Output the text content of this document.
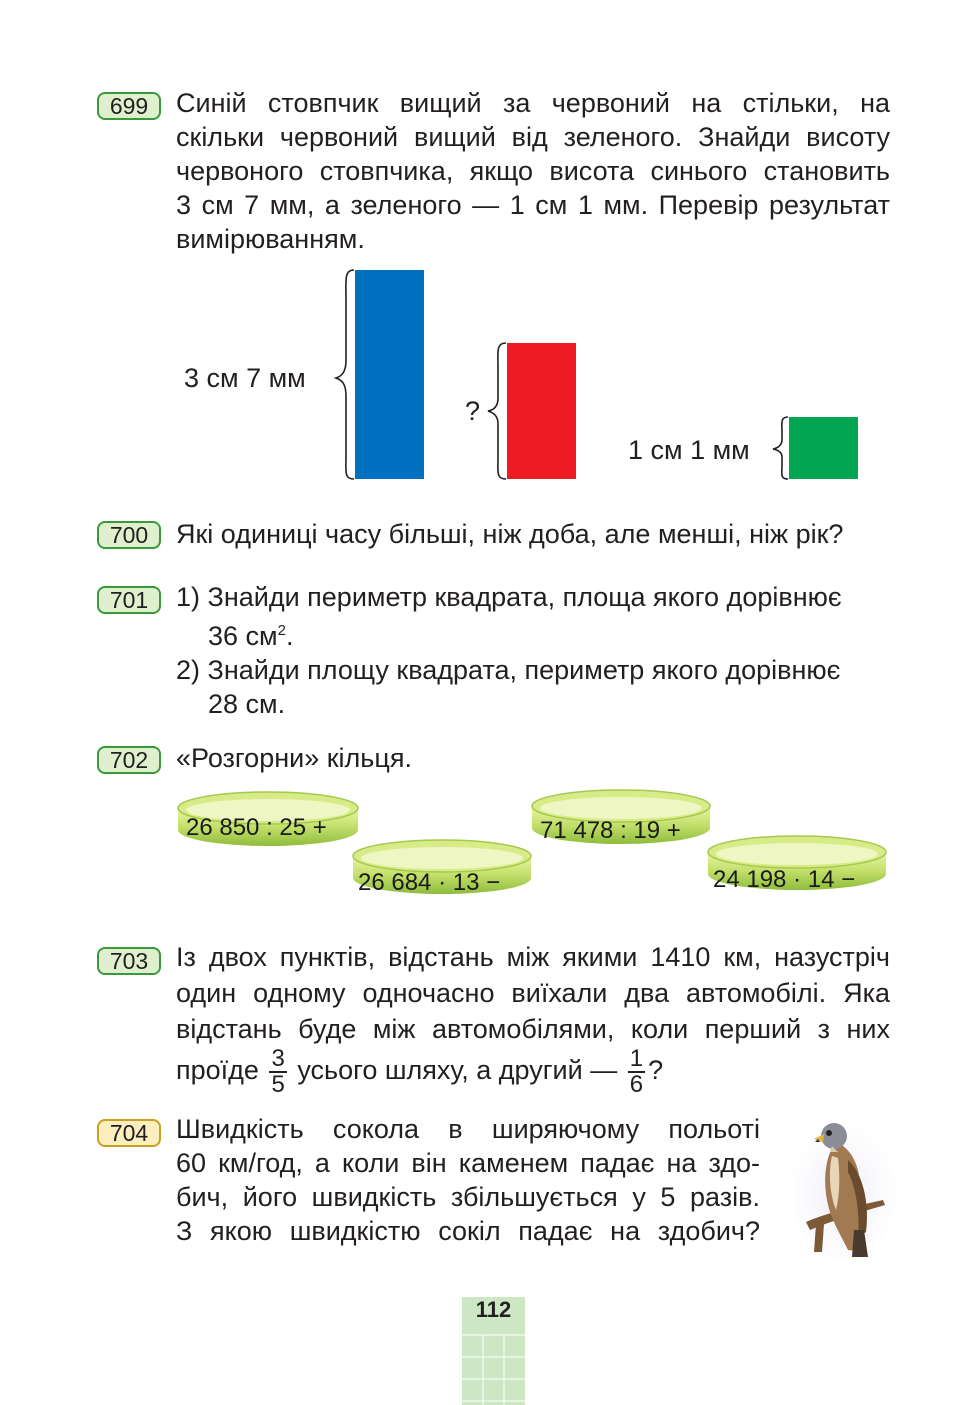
699	Синій стовпчик вищий за червоний на стільки, на
скільки червоний вищий від зеленого. Знайди висоту
червоного стовпчика, якщо висота синього становить
3 см 7 мм, а зеленого — 1 см 1 мм. Перевір результат
вимірюванням.
3 см 7 мм
?
1 см 1 мм
700	Які одиниці часу більші, ніж доба, але менші, ніж рік?
701	1) Знайди периметр квадрата, площа якого дорівнює
36 $см^2$.
2) Знайди площу квадрата, периметр якого дорівнює
28 см.
702	«Розгорни» кільця.
26 850 : 25 +
26 684 · 13 −
71 478 : 19 +
24 198 · 14 −
703	Із двох пунктів, відстань між якими 1410 км, назустріч
один одному одночасно виїхали два автомобілі. Яка
відстань буде між автомобілями, коли перший з них
проїде $\frac{3}{5}$ усього шляху, а другий — $\frac{1}{6}$ ?
704	Швидкість сокола в ширяючому польоті
60 км/год, а коли він каменем падає на здо-
бич, його швидкість збільшується у 5 разів.
З якою швидкістю сокіл падає на здобич?
112
